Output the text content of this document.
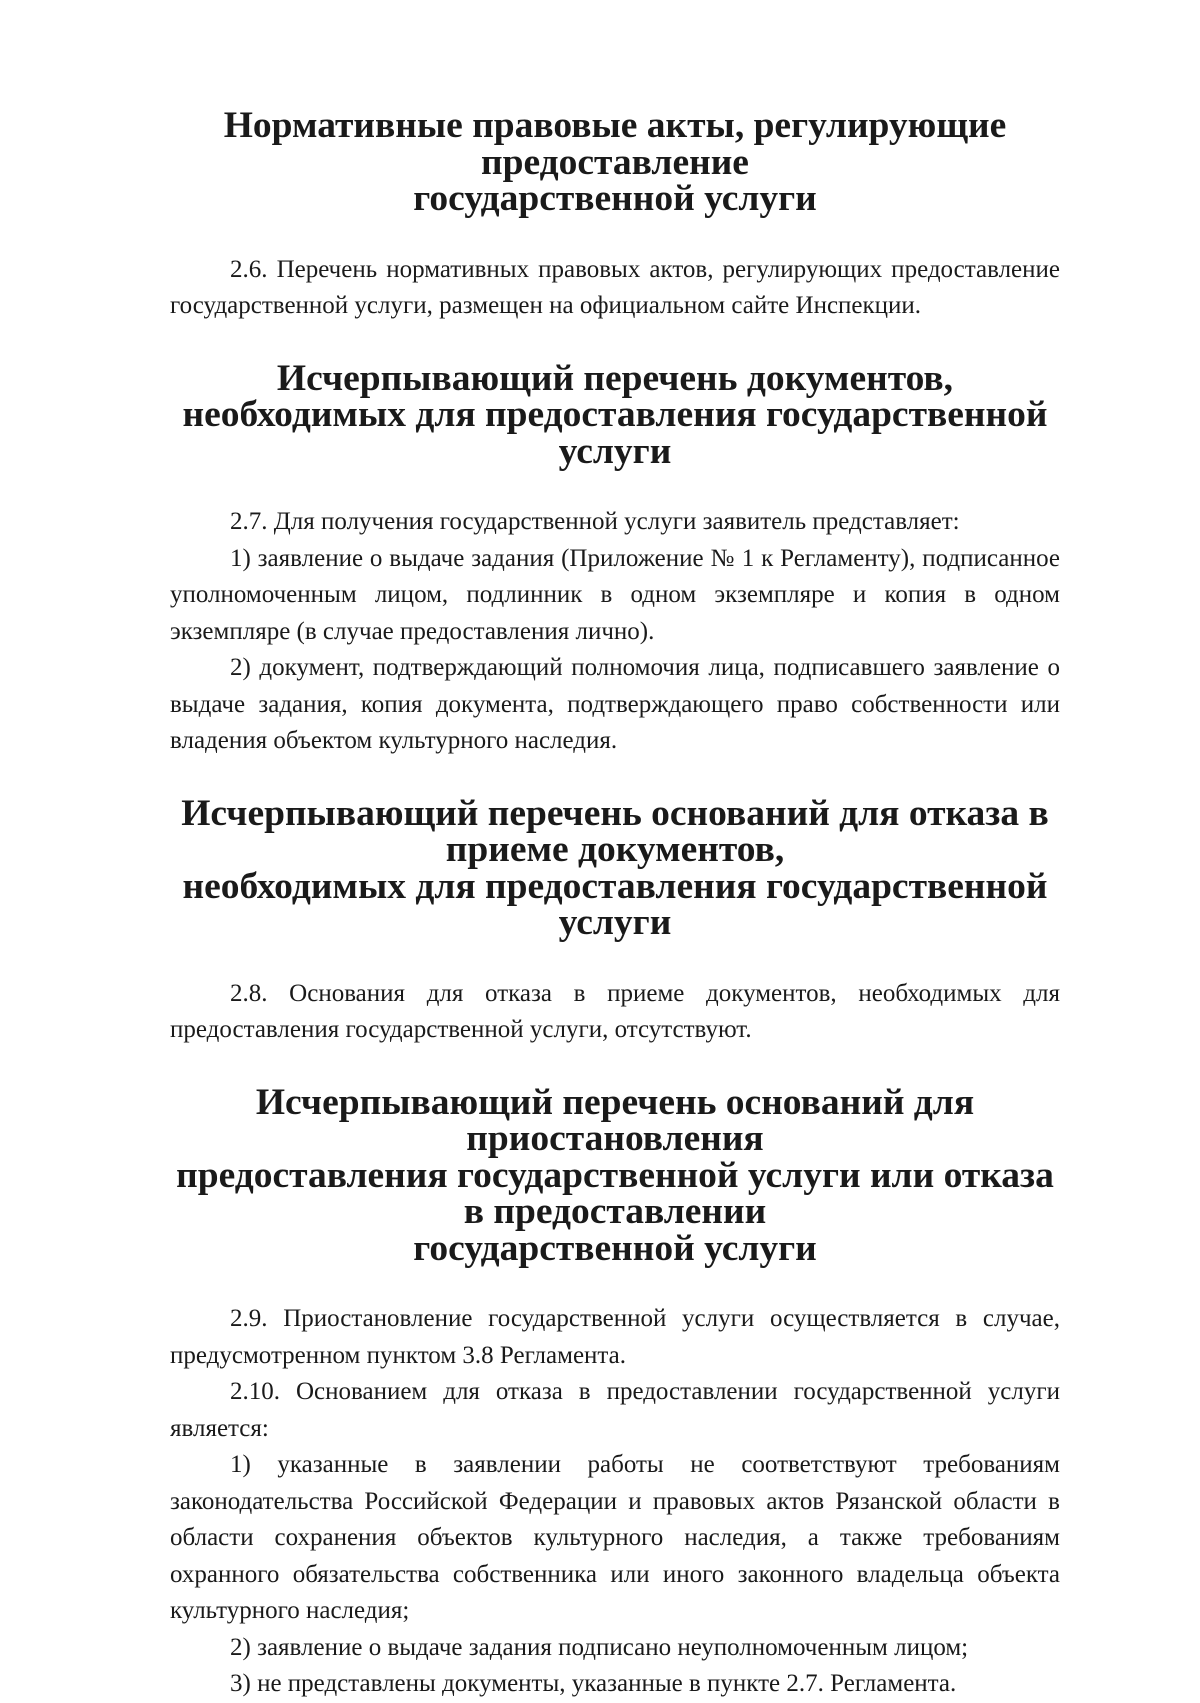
Нормативные правовые акты, регулирующие предоставление
государственной услуги

2.6. Перечень нормативных правовых актов, регулирующих предоставление государственной услуги, размещен на официальном сайте Инспекции.

Исчерпывающий перечень документов,
необходимых для предоставления государственной услуги

2.7. Для получения государственной услуги заявитель представляет:

1) заявление о выдаче задания (Приложение № 1 к Регламенту), подписанное уполномоченным лицом, подлинник в одном экземпляре и копия в одном экземпляре (в случае предоставления лично).

2) документ, подтверждающий полномочия лица, подписавшего заявление о выдаче задания, копия документа, подтверждающего право собственности или владения объектом культурного наследия.

Исчерпывающий перечень оснований для отказа в приеме документов,
необходимых для предоставления государственной услуги

2.8. Основания для отказа в приеме документов, необходимых для предоставления государственной услуги, отсутствуют.

Исчерпывающий перечень оснований для приостановления
предоставления государственной услуги или отказа в предоставлении
государственной услуги

2.9. Приостановление государственной услуги осуществляется в случае, предусмотренном пунктом 3.8 Регламента.

2.10. Основанием для отказа в предоставлении государственной услуги является:

1) указанные в заявлении работы не соответствуют требованиям законодательства Российской Федерации и правовых актов Рязанской области в области сохранения объектов культурного наследия, а также требованиям охранного обязательства собственника или иного законного владельца объекта культурного наследия;

2) заявление о выдаче задания подписано неуполномоченным лицом;

3) не представлены документы, указанные в пункте 2.7. Регламента.
